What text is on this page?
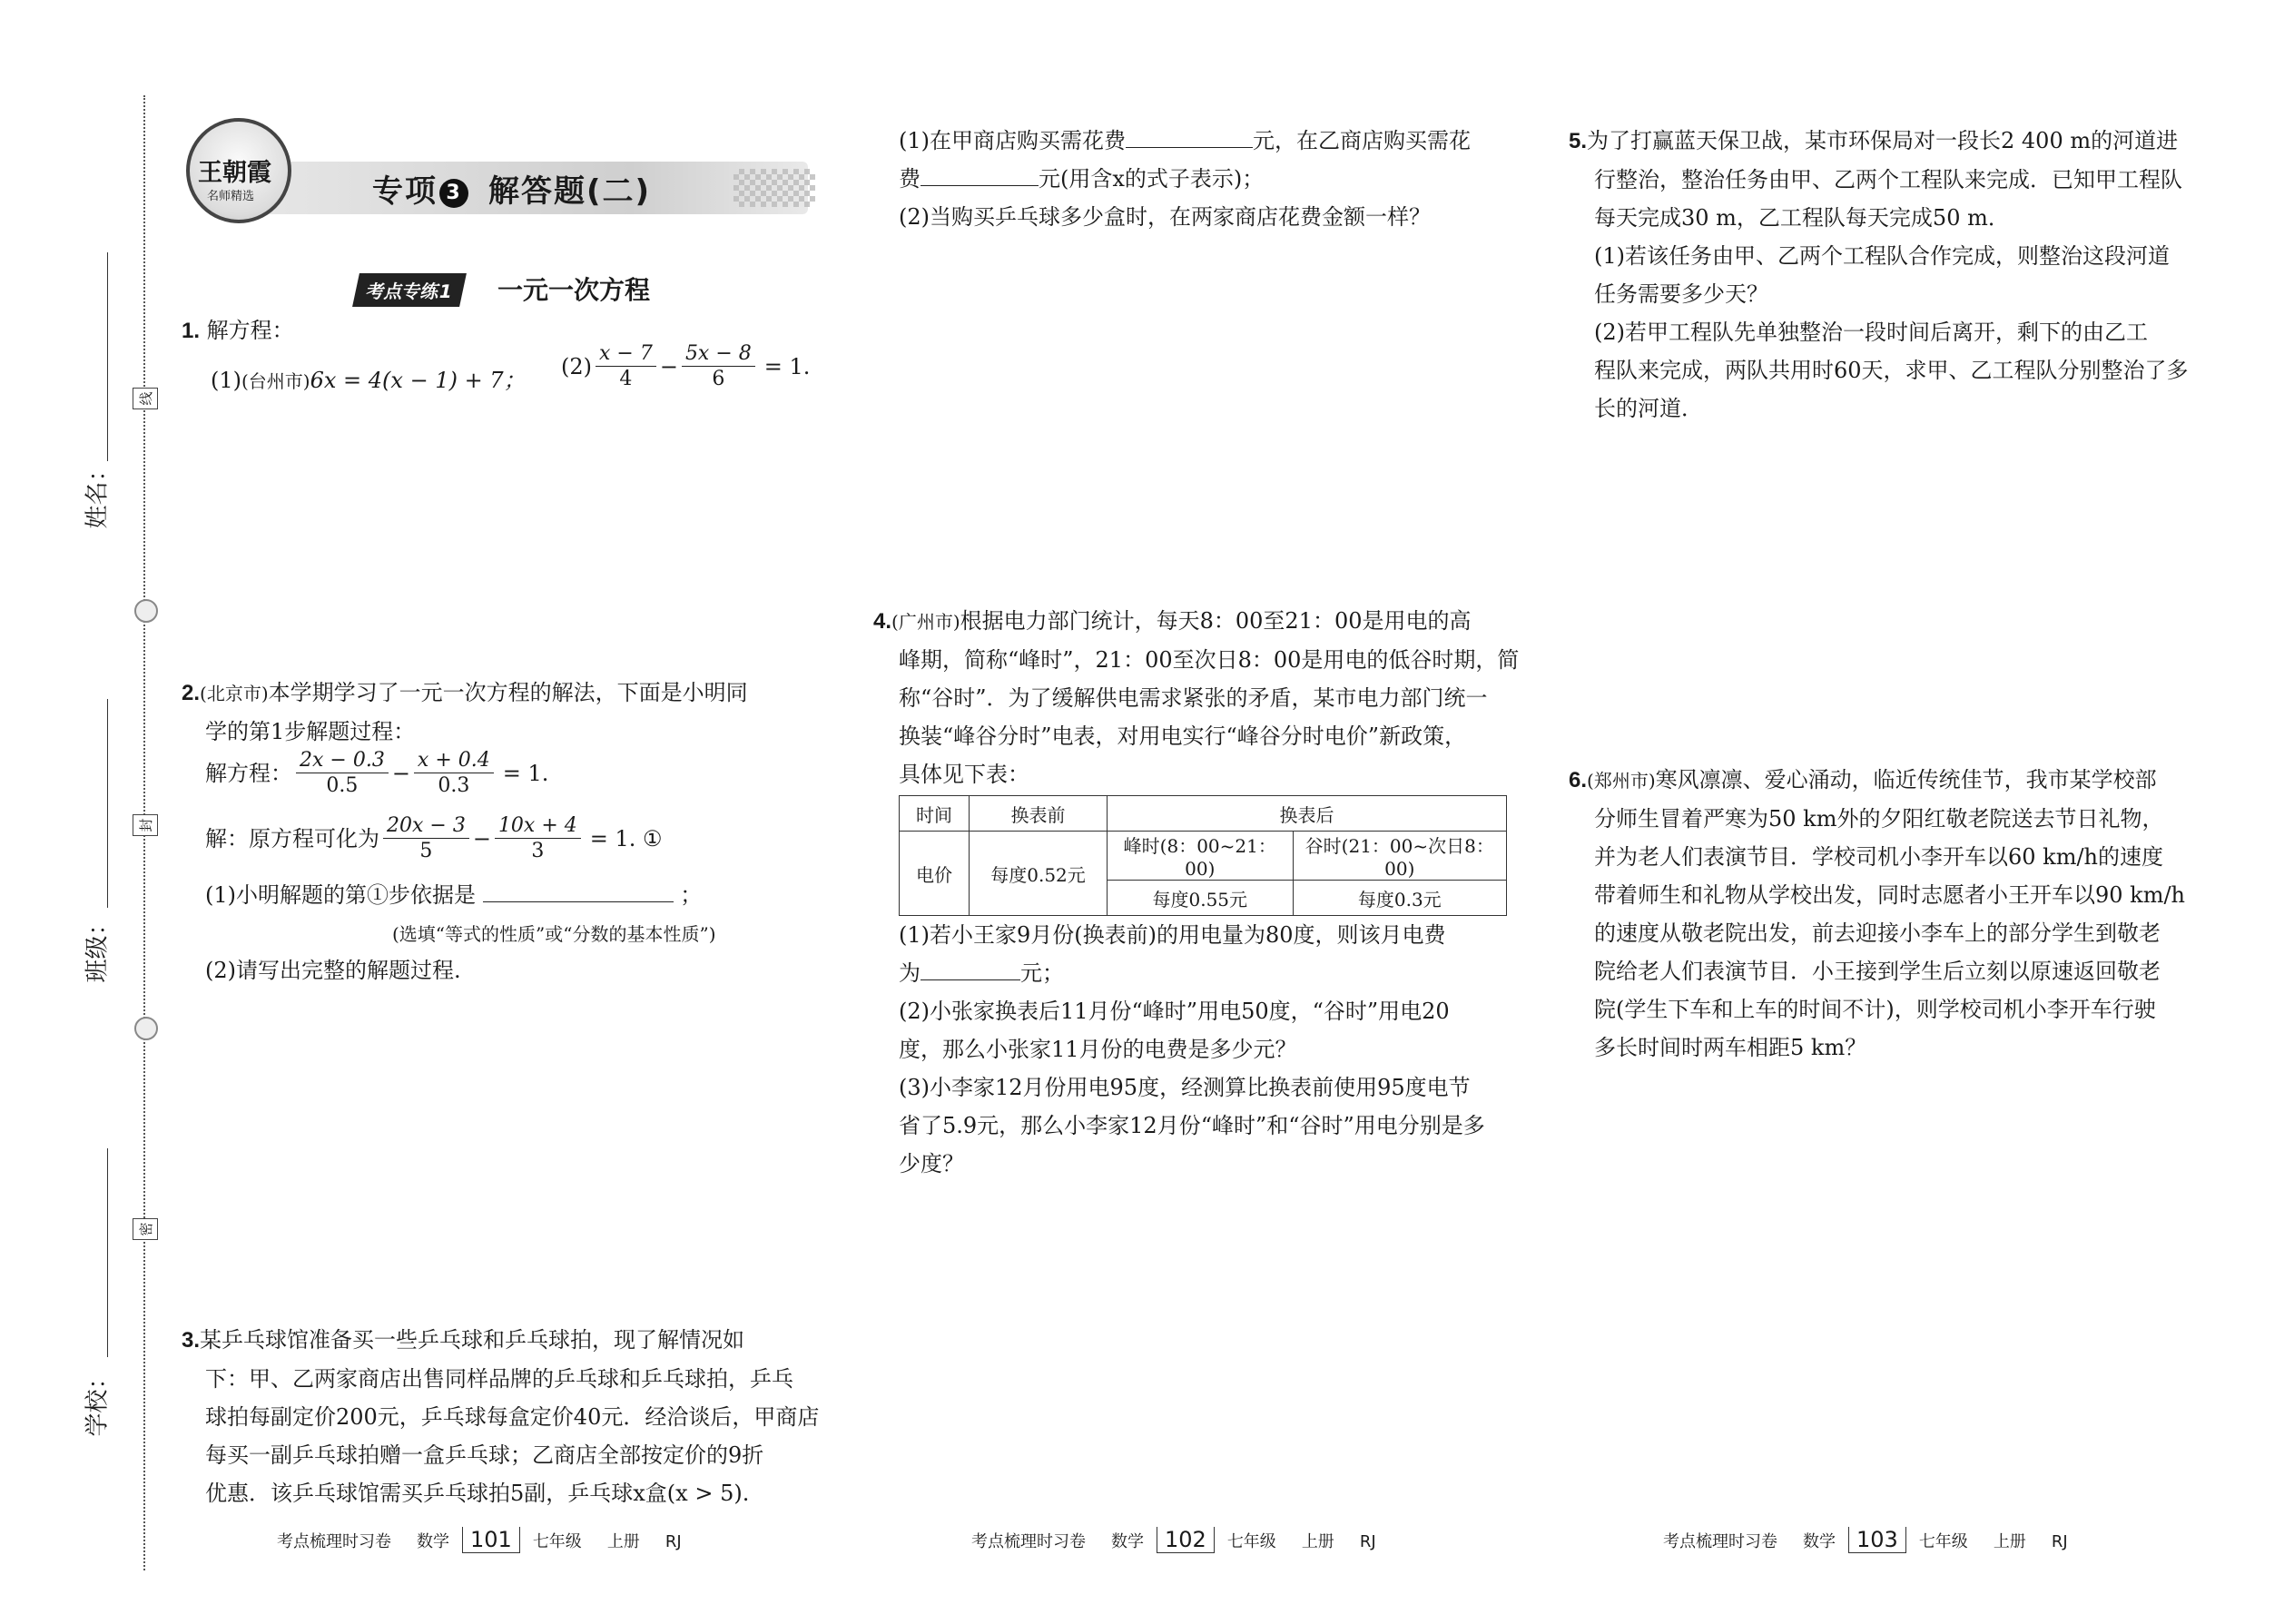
姓名：
线
班级：
封
学校：
密
王朝霞
名师精选	专项 3 解答题(二)
考点专练1	一元一次方程
1. 解方程：
(1)(台州市)6x = 4(x − 1) + 7；
$(2) \frac{x - 7}{4} - \frac{5x - 8}{6} = 1$.
2.(北京市)本学期学习了一元一次方程的解法，下面是小明同
学的第1步解题过程：
解方程： $\frac{2x - 0.3}{0.5} - \frac{x + 0.4}{0.3} = 1$.
解：原方程可化为 $\frac{20x - 3}{5} - \frac{10x + 4}{3} = 1$. ①
(1)小明解题的第①步依据是	；
(选填“等式的性质”或“分数的基本性质”)
(2)请写出完整的解题过程.
3.某乒乓球馆准备买一些乒乓球和乒乓球拍，现了解情况如
下：甲、乙两家商店出售同样品牌的乒乓球和乒乓球拍，乒乓
球拍每副定价200元，乒乓球每盒定价40元．经洽谈后，甲商店
每买一副乒乓球拍赠一盒乒乓球；乙商店全部按定价的9折
优惠．该乒乓球馆需买乒乓球拍5副，乒乓球x盒(x > 5).
(1)在甲商店购买需花费	元，在乙商店购买需花
费	元(用含x的式子表示)；
(2)当购买乒乓球多少盒时，在两家商店花费金额一样？
4.(广州市)根据电力部门统计，每天8：00至21：00是用电的高
峰期，简称“峰时”，21：00至次日8：00是用电的低谷时期，简
称“谷时”．为了缓解供电需求紧张的矛盾，某市电力部门统一
换装“峰谷分时”电表，对用电实行“峰谷分时电价”新政策，
具体见下表：
时间	换表前	换表后	
电价	每度0.52元	峰时(8：00~21：00)	谷时(21：00~次日8：00)
		每度0.55元	每度0.3元
(1)若小王家9月份(换表前)的用电量为80度，则该月电费
为	元；
(2)小张家换表后11月份“峰时”用电50度，“谷时”用电20
度，那么小张家11月份的电费是多少元？
(3)小李家12月份用电95度，经测算比换表前使用95度电节
省了5.9元，那么小李家12月份“峰时”和“谷时”用电分别是多
少度？
5.为了打赢蓝天保卫战，某市环保局对一段长2 400 m的河道进
行整治，整治任务由甲、乙两个工程队来完成．已知甲工程队
每天完成30 m，乙工程队每天完成50 m．
(1)若该任务由甲、乙两个工程队合作完成，则整治这段河道
任务需要多少天？
(2)若甲工程队先单独整治一段时间后离开，剩下的由乙工
程队来完成，两队共用时60天，求甲、乙工程队分别整治了多
长的河道．
6.(郑州市)寒风凛凛、爱心涌动，临近传统佳节，我市某学校部
分师生冒着严寒为50 km外的夕阳红敬老院送去节日礼物，
并为老人们表演节目．学校司机小李开车以60 km/h的速度
带着师生和礼物从学校出发，同时志愿者小王开车以90 km/h
的速度从敬老院出发，前去迎接小李车上的部分学生到敬老
院给老人们表演节目．小王接到学生后立刻以原速返回敬老
院(学生下车和上车的时间不计)，则学校司机小李开车行驶
多长时间时两车相距5 km？
考点梳理时习卷 数学 101 七年级 上册 RJ	考点梳理时习卷 数学 102 七年级 上册 RJ	考点梳理时习卷 数学 103 七年级 上册 RJ
